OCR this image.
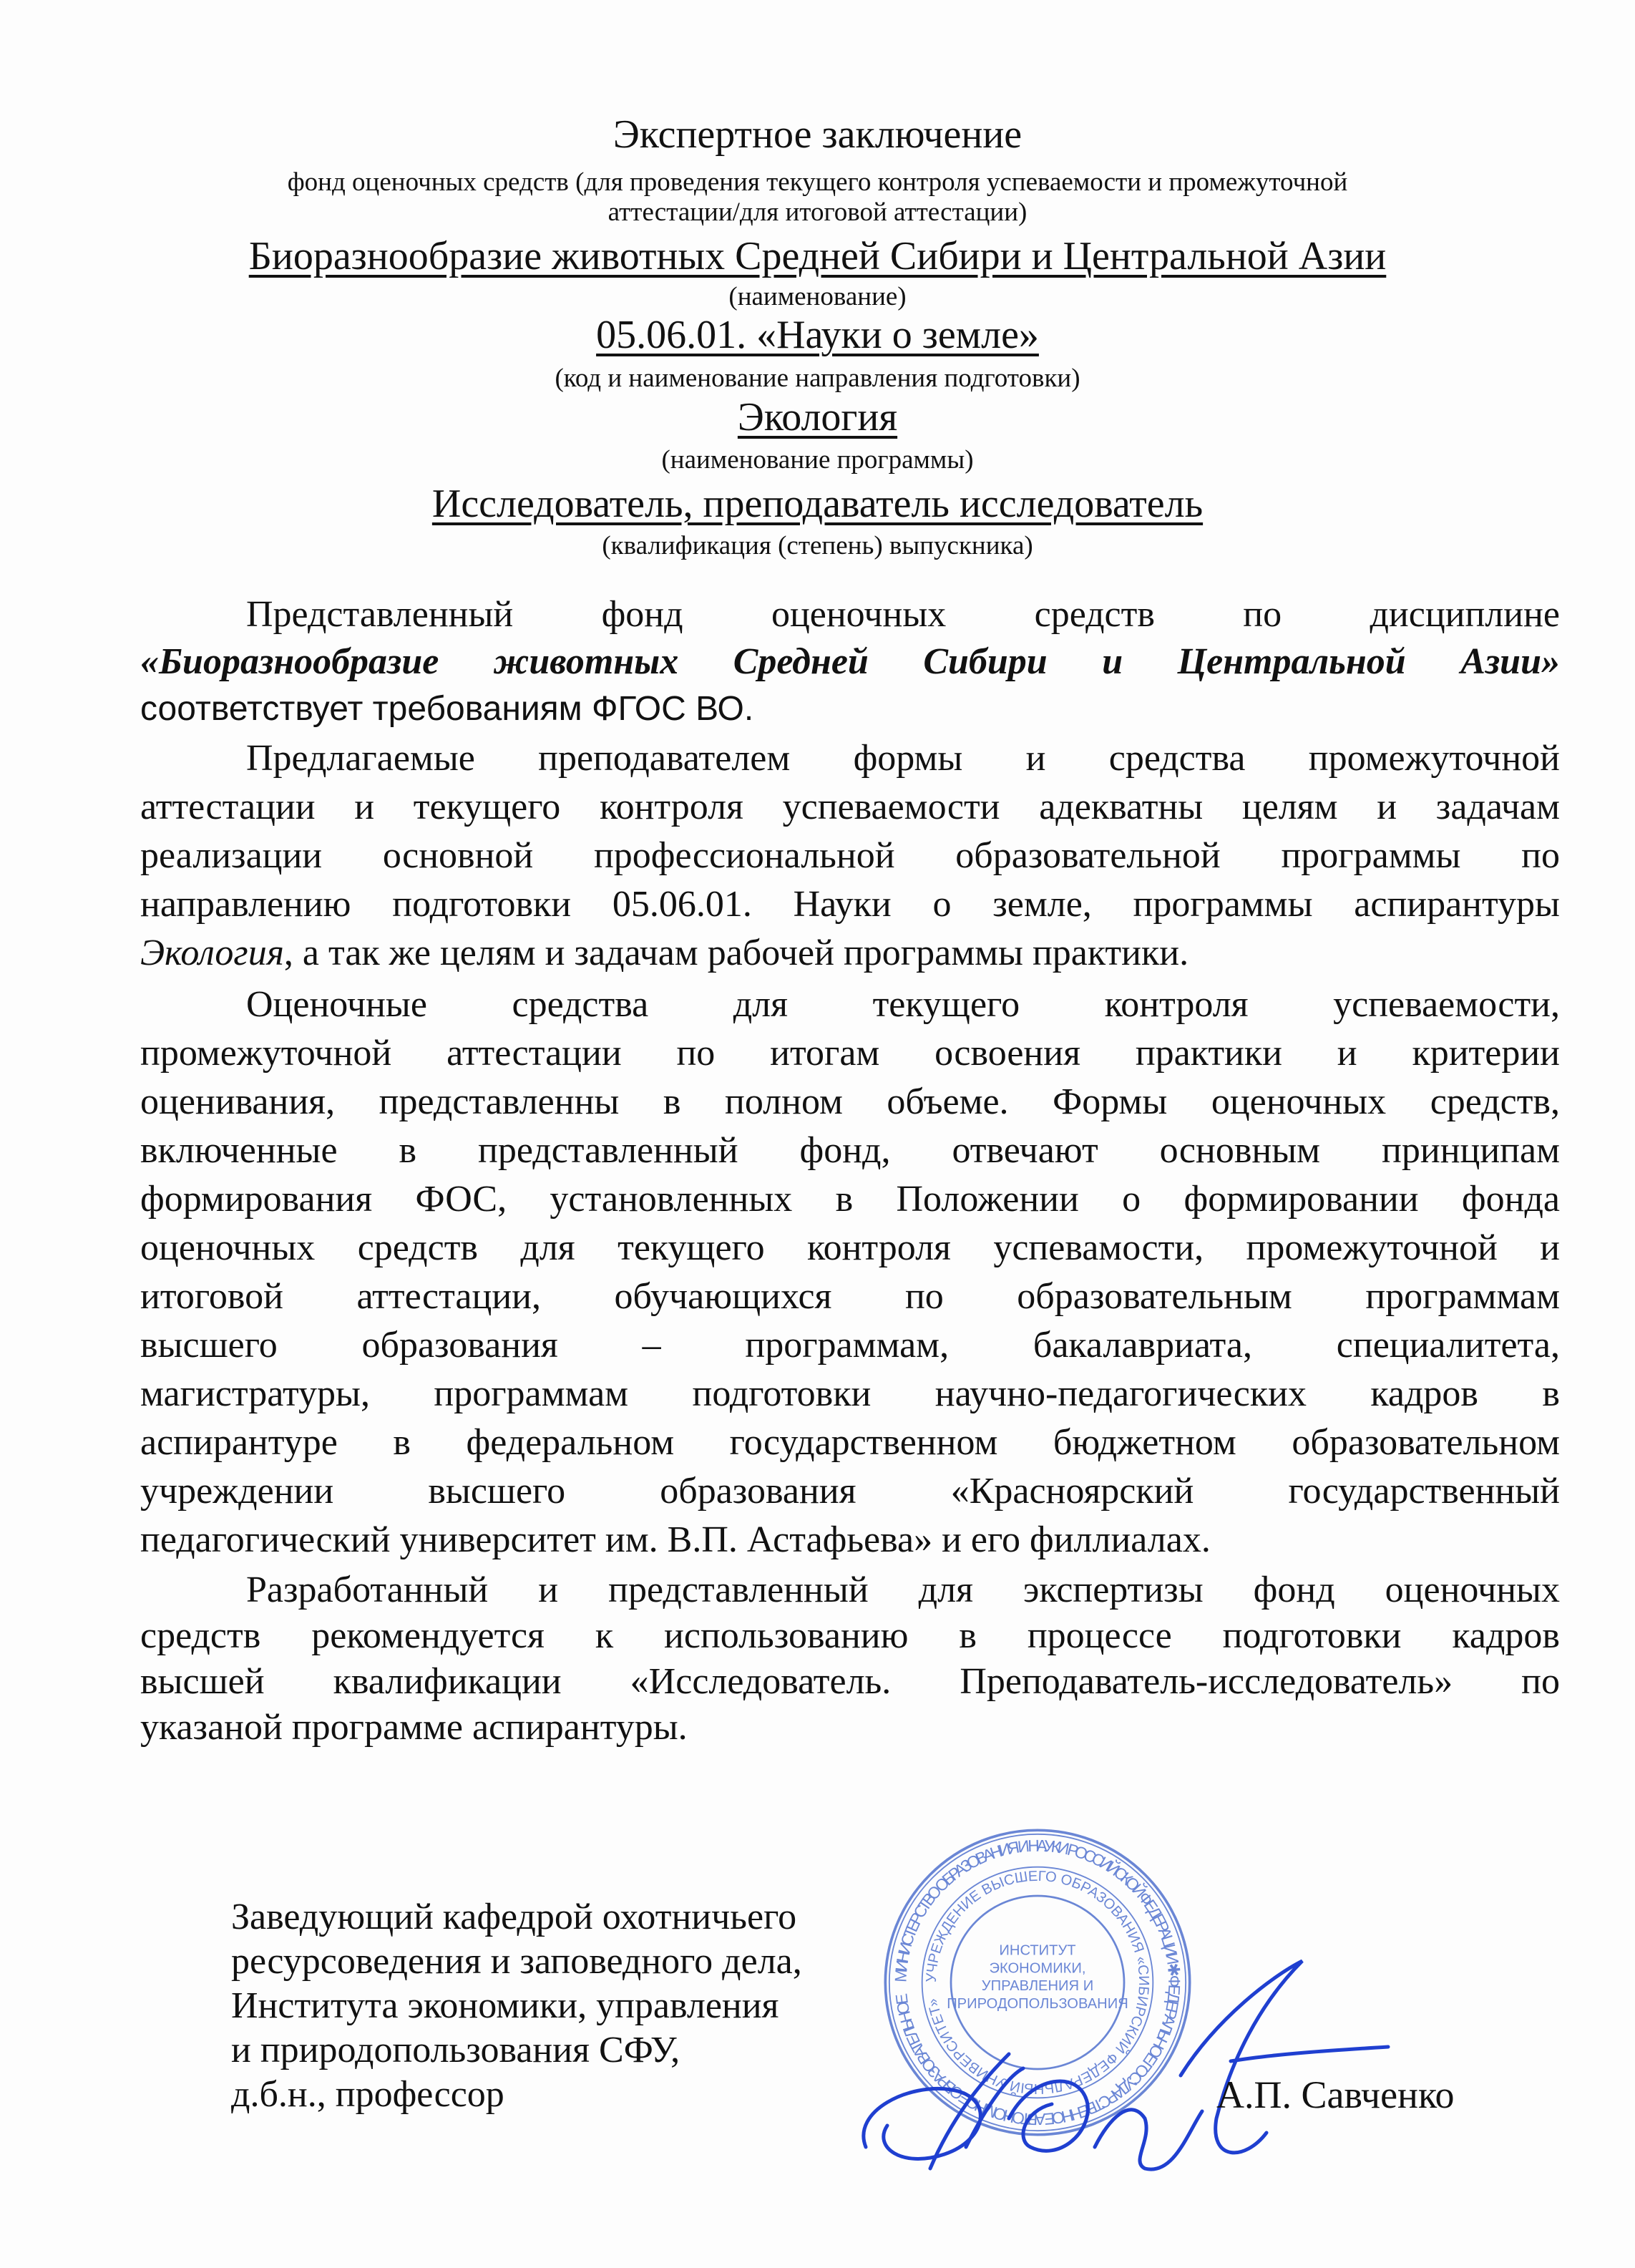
Экспертное заключение
фонд оценочных средств (для проведения текущего контроля успеваемости и промежуточной
аттестации/для итоговой аттестации)
Биоразнообразие животных Средней Сибири и Центральной Азии
(наименование)
05.06.01. «Науки о земле»
(код и наименование направления подготовки)
Экология
(наименование программы)
Исследователь, преподаватель исследователь
(квалификация (степень) выпускника)
Представленный фонд оценочных средств по дисциплине
«Биоразнообразие животных Средней Сибири и Центральной Азии»
соответствует требованиям ФГОС ВО.
Предлагаемые преподавателем формы и средства промежуточной
аттестации и текущего контроля успеваемости адекватны целям и задачам
реализации основной профессиональной образовательной программы по
направлению подготовки 05.06.01. Науки о земле, программы аспирантуры
Экология, а так же целям и задачам рабочей программы практики.
Оценочные средства для текущего контроля успеваемости,
промежуточной аттестации по итогам освоения практики и критерии
оценивания, представленны в полном объеме. Формы оценочных средств,
включенные в представленный фонд, отвечают основным принципам
формирования ФОС, установленных в Положении о формировании фонда
оценочных средств для текущего контроля успевамости, промежуточной и
итоговой аттестации, обучающихся по образовательным программам
высшего образования – программам, бакалавриата, специалитета,
магистратуры, программам подготовки научно-педагогических кадров в
аспирантуре в федеральном государственном бюджетном образовательном
учреждении высшего образования «Красноярский государственный
педагогический университет им. В.П. Астафьева» и его филлиалах.
Разработанный и представленный для экспертизы фонд оценочных
средств рекомендуется к использованию в процессе подготовки кадров
высшей квалификации «Исследователь. Преподаватель-исследователь» по
указаной программе аспирантуры.
МИНИСТЕРСТВО ОБРАЗОВАНИЯ И НАУКИ РОССИЙСКОЙ ФЕДЕРАЦИИ ✱ ФЕДЕРАЛЬНОЕ ГОСУДАРСТВЕННОЕ АВТОНОМНОЕ ОБРАЗОВАТЕЛЬНОЕ
УЧРЕЖДЕНИЕ ВЫСШЕГО ОБРАЗОВАНИЯ «СИБИРСКИЙ ФЕДЕРАЛЬНЫЙ УНИВЕРСИТЕТ»
ИНСТИТУТ ЭКОНОМИКИ, УПРАВЛЕНИЯ И ПРИРОДОПОЛЬЗОВАНИЯ
Заведующий кафедрой охотничьего
ресурсоведения и заповедного дела,
Института экономики, управления
и природопользования СФУ,
д.б.н., профессор	А.П. Савченко
